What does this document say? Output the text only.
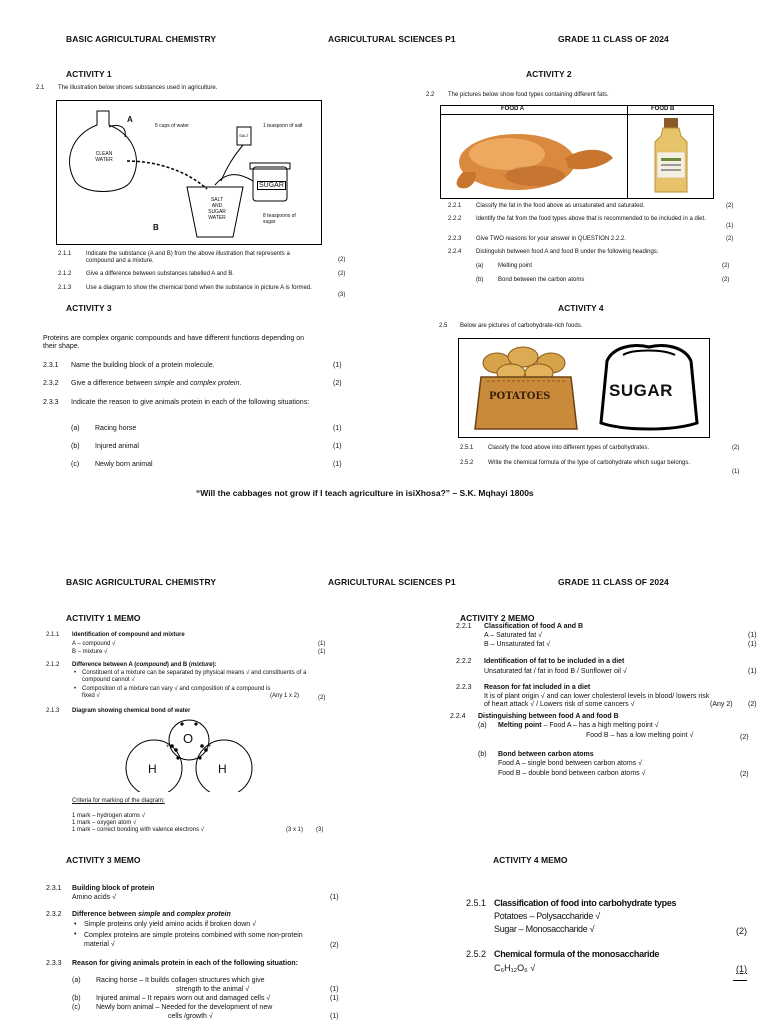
BASIC AGRICULTURAL CHEMISTRY	AGRICULTURAL SCIENCES P1	GRADE 11 CLASS OF 2024
ACTIVITY 1
2.1 The illustration below shows substances used in agriculture.
A
B
5 cups of water	1 teaspoon of salt
CLEAN WATER
SALT
SUGAR
SALT
AND
SUGAR
WATER	8 teaspoons of sugar
2.1.1 Indicate the substance (A and B) from the above illustration that represents a compound and a mixture.	(2)
2.1.2 Give a difference between substances labelled A and B.	(2)
2.1.3 Use a diagram to show the chemical bond when the substance in picture A is formed.
(3)
ACTIVITY 2
2.2 The pictures below show food types containing different fats.
FOOD A	FOOD B
2.2.1 Classify the fat in the food above as unsaturated and saturated.	(2)
2.2.2 Identify the fat from the food types above that is recommended to be included in a diet.
(1)
2.2.3 Give TWO reasons for your answer in QUESTION 2.2.2.	(2)
2.2.4 Distinguish between food A and food B under the following headings:
(a) Melting point	(2)
(b) Bond between the carbon atoms	(2)
ACTIVITY 3
Proteins are complex organic compounds and have different functions depending on their shape.
2.3.1 Name the building block of a protein molecule.	(1)
2.3.2 Give a difference between simple and complex protein.	(2)
2.3.3 Indicate the reason to give animals protein in each of the following situations:
(a) Racing horse	(1)
(b) Injured animal	(1)
(c) Newly born animal	(1)
ACTIVITY 4
2.5 Below are pictures of carbohydrate-rich foods.
POTATOES	SUGAR
2.5.1 Classify the food above into different types of carbohydrates.	(2)
2.5.2 Write the chemical formula of the type of carbohydrate which sugar belongs.
(1)
“Will the cabbages not grow if I teach agriculture in isiXhosa?” – S.K. Mqhayi 1800s
BASIC AGRICULTURAL CHEMISTRY	AGRICULTURAL SCIENCES P1	GRADE 11 CLASS OF 2024
ACTIVITY 1 MEMO
2.1.1 Identification of compound and mixture
A – compound √	(1)
B – mixture √	(1)
2.1.2 Difference between A (compound) and B (mixture):
• Constituent of a mixture can be separated by physical means √ and constituents of a compound cannot √
• Composition of a mixture can vary √ and composition of a compound is fixed √	(Any 1 x 2)	(2)
2.1.3 Diagram showing chemical bond of water
O
H	H
+	+
Criteria for marking of the diagram:
1 mark – hydrogen atoms √
1 mark – oxygen atom √
1 mark – correct bonding with valence electrons √	(3 x 1) (3)
ACTIVITY 2 MEMO
2.2.1 Classification of food A and B
A – Saturated fat √	(1)
B – Unsaturated fat √	(1)
2.2.2 Identification of fat to be included in a diet
Unsaturated fat / fat in food B / Sunflower oil √	(1)
2.2.3 Reason for fat included in a diet
It is of plant origin √ and can lower cholesterol levels in blood/ lowers risk of heart attack √ / Lowers risk of some cancers √	(Any 2) (2)
2.2.4 Distinguishing between food A and food B
(a) Melting point – Food A – has a high melting point √
Food B – has a low melting point √	(2)
(b) Bond between carbon atoms
Food A – single bond between carbon atoms √
Food B – double bond between carbon atoms √	(2)
ACTIVITY 3 MEMO
2.3.1 Building block of protein
Amino acids √	(1)
2.3.2 Difference between simple and complex protein
• Simple proteins only yield amino acids if broken down √
• Complex proteins are simple proteins combined with some non-protein material √	(2)
2.3.3 Reason for giving animals protein in each of the following situation:
(a) Racing horse – It builds collagen structures which give
strength to the animal √	(1)
(b) Injured animal – It repairs worn out and damaged cells √	(1)
(c) Newly born animal – Needed for the development of new
cells /growth √	(1)
ACTIVITY 4 MEMO
2.5.1 Classification of food into carbohydrate types
Potatoes – Polysaccharide √
Sugar – Monosaccharide √	(2)
2.5.2 Chemical formula of the monosaccharide
C₆H₁₂O₆ √	(1)
